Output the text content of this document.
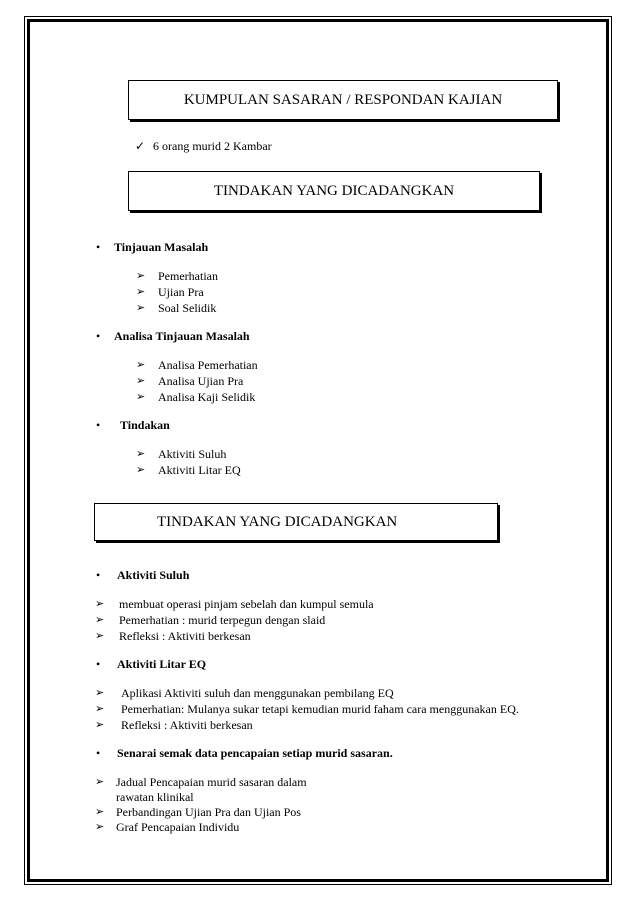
KUMPULAN SASARAN / RESPONDAN KAJIAN
✓ 6 orang murid 2 Kambar
TINDAKAN YANG DICADANGKAN
• Tinjauan Masalah
➢ Pemerhatian
➢ Ujian Pra
➢ Soal Selidik
• Analisa Tinjauan Masalah
➢ Analisa Pemerhatian
➢ Analisa Ujian Pra
➢ Analisa Kaji Selidik
• Tindakan
➢ Aktiviti Suluh
➢ Aktiviti Litar EQ
TINDAKAN YANG DICADANGKAN
• Aktiviti Suluh
➢ membuat operasi pinjam sebelah dan kumpul semula
➢ Pemerhatian : murid terpegun dengan slaid
➢ Refleksi : Aktiviti berkesan
• Aktiviti Litar EQ
➢ Aplikasi Aktiviti suluh dan menggunakan pembilang EQ
➢ Pemerhatian: Mulanya sukar tetapi kemudian murid faham cara menggunakan EQ.
➢ Refleksi : Aktiviti berkesan
• Senarai semak data pencapaian setiap murid sasaran.
➢ Jadual Pencapaian murid sasaran dalam
rawatan klinikal
➢ Perbandingan Ujian Pra dan Ujian Pos
➢ Graf Pencapaian Individu
